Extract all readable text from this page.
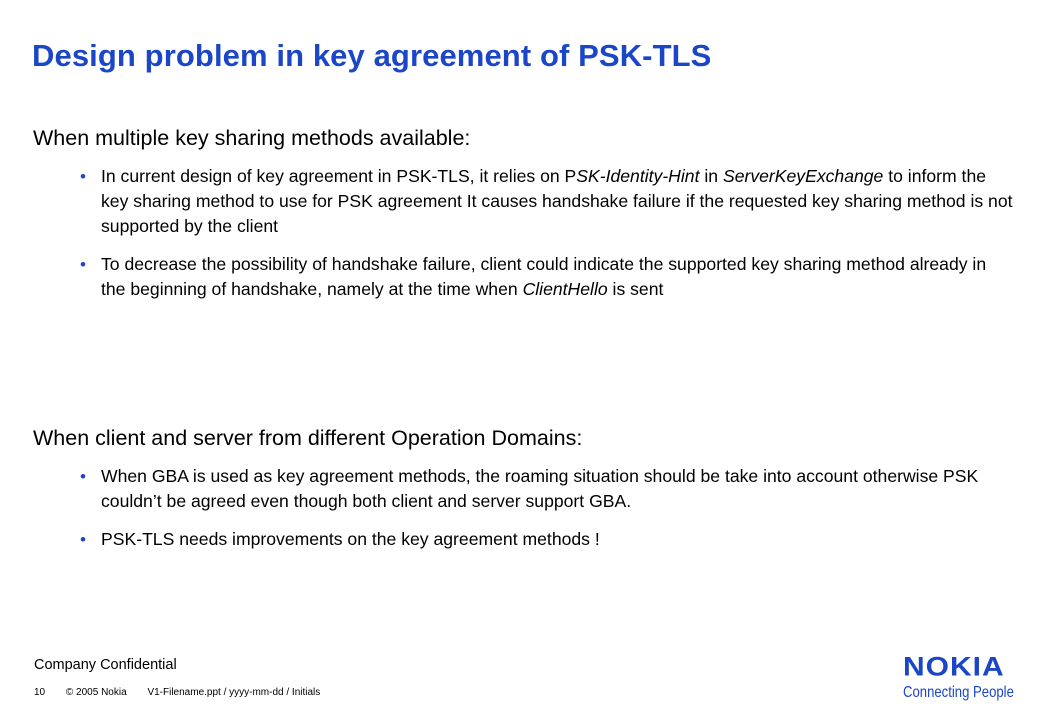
Design problem in key agreement of PSK-TLS
When multiple key sharing methods available:
• In current design of key agreement in PSK-TLS, it relies on PSK-Identity-Hint in ServerKeyExchange to inform the key sharing method to use for PSK agreement It causes handshake failure if the requested key sharing method is not supported by the client
• To decrease the possibility of handshake failure, client could indicate the supported key sharing method already in the beginning of handshake, namely at the time when ClientHello is sent
When client and server from different Operation Domains:
• When GBA is used as key agreement methods, the roaming situation should be take into account otherwise PSK couldn’t be agreed even though both client and server support GBA.
• PSK-TLS needs improvements on the key agreement methods !
Company Confidential
10 © 2005 Nokia V1-Filename.ppt / yyyy-mm-dd / Initials
NOKIA
Connecting People
